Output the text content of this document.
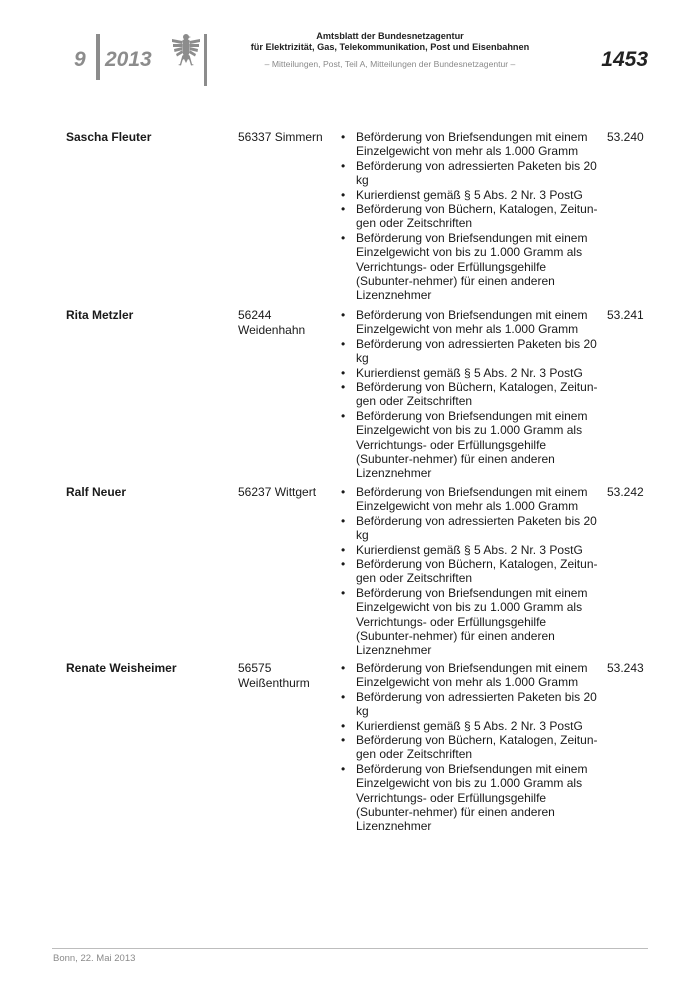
9 2013
Amtsblatt der Bundesnetzagentur
für Elektrizität, Gas, Telekommunikation, Post und Eisenbahnen
– Mitteilungen, Post, Teil A, Mitteilungen der Bundesnetzagentur –	1453
Sascha Fleuter	56337 Simmern	• Beförderung von Briefsendungen mit einem Einzelgewicht von mehr als 1.000 Gramm
• Beförderung von adressierten Paketen bis 20 kg
• Kurierdienst gemäß § 5 Abs. 2 Nr. 3 PostG
• Beförderung von Büchern, Katalogen, Zeitun-gen oder Zeitschriften
• Beförderung von Briefsendungen mit einem Einzelgewicht von bis zu 1.000 Gramm als Verrichtungs- oder Erfüllungsgehilfe (Subunter-nehmer) für einen anderen Lizenznehmer
53.240
Rita Metzler	56244 Weidenhahn
• Beförderung von Briefsendungen mit einem Einzelgewicht von mehr als 1.000 Gramm
• Beförderung von adressierten Paketen bis 20 kg
• Kurierdienst gemäß § 5 Abs. 2 Nr. 3 PostG
• Beförderung von Büchern, Katalogen, Zeitun-gen oder Zeitschriften
• Beförderung von Briefsendungen mit einem Einzelgewicht von bis zu 1.000 Gramm als Verrichtungs- oder Erfüllungsgehilfe (Subunter-nehmer) für einen anderen Lizenznehmer
53.241
Ralf Neuer	56237 Wittgert	• Beförderung von Briefsendungen mit einem Einzelgewicht von mehr als 1.000 Gramm
• Beförderung von adressierten Paketen bis 20 kg
• Kurierdienst gemäß § 5 Abs. 2 Nr. 3 PostG
• Beförderung von Büchern, Katalogen, Zeitun-gen oder Zeitschriften
• Beförderung von Briefsendungen mit einem Einzelgewicht von bis zu 1.000 Gramm als Verrichtungs- oder Erfüllungsgehilfe (Subunter-nehmer) für einen anderen Lizenznehmer
53.242
Renate Weisheimer	56575 Weißenthurm
• Beförderung von Briefsendungen mit einem Einzelgewicht von mehr als 1.000 Gramm
• Beförderung von adressierten Paketen bis 20 kg
• Kurierdienst gemäß § 5 Abs. 2 Nr. 3 PostG
• Beförderung von Büchern, Katalogen, Zeitun-gen oder Zeitschriften
• Beförderung von Briefsendungen mit einem Einzelgewicht von bis zu 1.000 Gramm als Verrichtungs- oder Erfüllungsgehilfe (Subunter-nehmer) für einen anderen Lizenznehmer
53.243
Bonn, 22. Mai 2013
